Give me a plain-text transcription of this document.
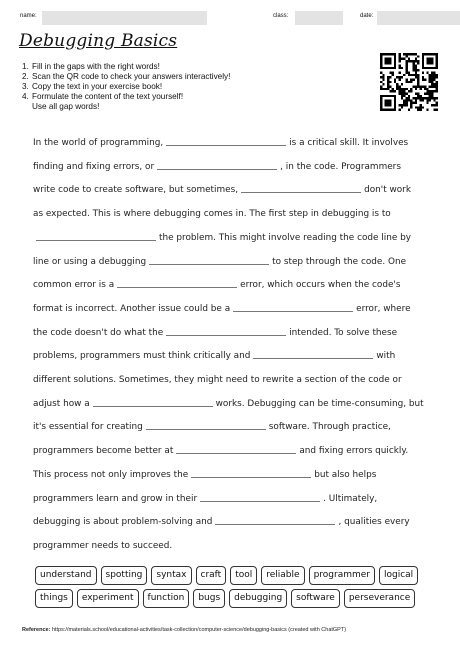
name:	class:	date:
Debugging Basics
1. Fill in the gaps with the right words!
2. Scan the QR code to check your answers interactively!
3. Copy the text in your exercise book!
4. Formulate the content of the text yourself!
Use all gap words!
In the world of programming,	is a critical skill. It involves
finding and fixing errors, or	, in the code. Programmers
write code to create software, but sometimes,	don't work
as expected. This is where debugging comes in. The first step in debugging is to
the problem. This might involve reading the code line by
line or using a debugging	to step through the code. One
common error is a	error, which occurs when the code's
format is incorrect. Another issue could be a	error, where
the code doesn't do what the	intended. To solve these
problems, programmers must think critically and	with
different solutions. Sometimes, they might need to rewrite a section of the code or
adjust how a	works. Debugging can be time-consuming, but
it's essential for creating	software. Through practice,
programmers become better at	and fixing errors quickly.
This process not only improves the	but also helps
programmers learn and grow in their	. Ultimately,
debugging is about problem-solving and	, qualities every
programmer needs to succeed.
understand	spotting	syntax	craft	tool	reliable	programmer	logical
things	experiment	function	bugs	debugging	software	perseverance
Reference: https://materials.school/educational-activities/task-collection/computer-science/debugging-basics (created with ChatGPT)
